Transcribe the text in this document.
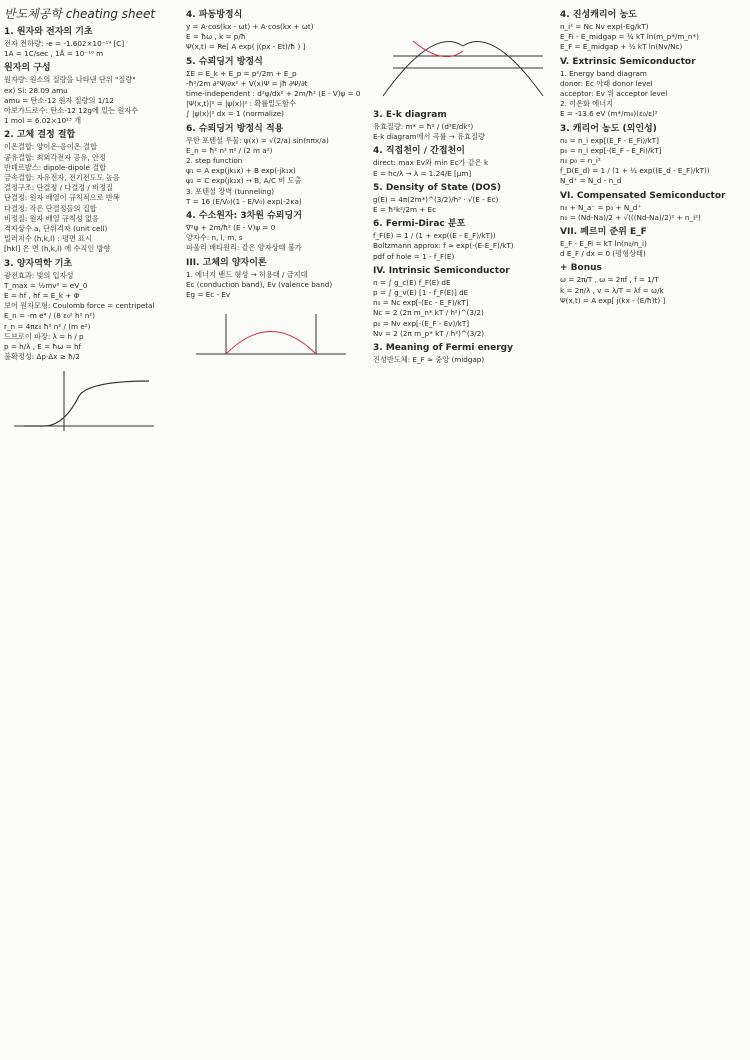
반도체공학 cheating sheet
1. 원자와 전자의 기초
전자 전하량: -e = -1.602×10⁻¹⁹ [C]
1A = 1C/sec , 1Å = 10⁻¹⁰ m
원자의 구성
원자량: 원소의 질량을 나타낸 단위 "질량"
ex) Si: 28.09 amu
amu = 탄소-12 원자 질량의 1/12
아보가드로수: 탄소-12 12g에 있는 원자수
1 mol = 6.02×10²³ 개
2. 고체 결정 결합
이온결합: 양이온-음이온 결합
공유결합: 최외각전자 공유, 안정
반데르발스: dipole-dipole 결합
금속결합: 자유전자, 전기전도도 높음
결정구조: 단결정 / 다결정 / 비정질
단결정: 원자 배열이 규칙적으로 반복
다결정: 작은 단결정들의 집합
비정질: 원자 배열 규칙성 없음
격자상수 a, 단위격자 (unit cell)
밀러지수 (h,k,l) : 평면 표시
[hkl] 은 면 (h,k,l) 에 수직인 방향
3. 양자역학 기초
광전효과: 빛의 입자성
T_max = ½mv² = eV_0
E = hf , hf = E_k + Φ
보어 원자모형: Coulomb force = centripetal
E_n = -m e⁴ / (8 ε₀² h² n²)
r_n = 4πε₀ ħ² n² / (m e²)
드브로이 파장: λ = h / p
p = h/λ , E = ħω = hf
불확정성: Δp·Δx ≥ ħ/2
4. 파동방정식
y = A·cos(kx - ωt) + A·cos(kx + ωt)
E = ħω , k = p/ħ
Ψ(x,t) = Re[ A exp( j(px - Et)/ħ ) ]
5. 슈뢰딩거 방정식
ΣE = E_k + E_p = p²/2m + E_p
-ħ²/2m ∂²Ψ/∂x² + V(x)Ψ = jħ ∂Ψ/∂t
time-independent : d²ψ/dx² + 2m/ħ² (E - V)ψ = 0
|Ψ(x,t)|² = |ψ(x)|² : 확률밀도함수
∫ |ψ(x)|² dx = 1 (normalize)
6. 슈뢰딩거 방정식 적용
무한 포텐셜 우물: ψ(x) = √(2/a) sin(nπx/a)
E_n = ħ² n² π² / (2 m a²)
2. step function
ψ₁ = A exp(jk₁x) + B exp(-jk₁x)
ψ₂ = C exp(jk₂x) → B, A/C 비 도출
3. 포텐셜 장벽 (tunneling)
T = 16 (E/V₀)(1 - E/V₀) exp(-2κa)
4. 수소원자: 3차원 슈뢰딩거
∇²ψ + 2m/ħ² (E - V)ψ = 0
양자수: n, l, m, s
파울리 배타원리: 같은 양자상태 불가
III. 고체의 양자이론
1. 에너지 밴드 형성 → 허용대 / 금지대
Ec (conduction band), Ev (valence band)
Eg = Ec - Ev
3. E-k diagram
유효질량: m* = ħ² / (d²E/dk²)
E-k diagram에서 곡률 → 유효질량
4. 직접천이 / 간접천이
direct: max Ev와 min Ec가 같은 k
E = hc/λ → λ = 1.24/E [μm]
5. Density of State (DOS)
g(E) = 4π(2m*)^(3/2)/h³ · √(E - Ec)
E = ħ²k²/2m + Ec
6. Fermi-Dirac 분포
f_F(E) = 1 / (1 + exp((E - E_F)/kT))
Boltzmann approx: f ≈ exp(-(E-E_F)/kT)
pdf of hole = 1 - f_F(E)
IV. Intrinsic Semiconductor
n = ∫ g_c(E) f_F(E) dE
p = ∫ g_v(E) [1 - f_F(E)] dE
n₀ = Nc exp[-(Ec - E_F)/kT]
Nc = 2 (2π m_n* kT / h²)^(3/2)
p₀ = Nv exp[-(E_F - Ev)/kT]
Nv = 2 (2π m_p* kT / h²)^(3/2)
3. Meaning of Fermi energy
진성반도체: E_F ≈ 중앙 (midgap)
4. 진성캐리어 농도
n_i² = Nc Nv exp(-Eg/kT)
E_Fi - E_midgap = ¾ kT ln(m_p*/m_n*)
E_F = E_midgap + ½ kT ln(Nv/Nc)
V. Extrinsic Semiconductor
1. Energy band diagram
donor: Ec 아래 donor level
acceptor: Ev 위 acceptor level
2. 이온화 에너지
E = -13.6 eV (m*/m₀)(ε₀/ε)²
3. 캐리어 농도 (외인성)
n₀ = n_i exp[(E_F - E_Fi)/kT]
p₀ = n_i exp[-(E_F - E_Fi)/kT]
n₀ p₀ = n_i²
f_D(E_d) = 1 / (1 + ½ exp((E_d - E_F)/kT))
N_d⁺ = N_d - n_d
VI. Compensated Semiconductor
n₀ + N_a⁻ = p₀ + N_d⁺
n₀ = (Nd-Na)/2 + √(((Nd-Na)/2)² + n_i²)
VII. 페르미 준위 E_F
E_F - E_Fi = kT ln(n₀/n_i)
d E_F / dx = 0 (평형상태)
+ Bonus
ω = 2π/T , ω = 2πf , f = 1/T
k = 2π/λ , v = λ/T = λf = ω/k
Ψ(x,t) = A exp[ j(kx - (E/ħ)t) ]
